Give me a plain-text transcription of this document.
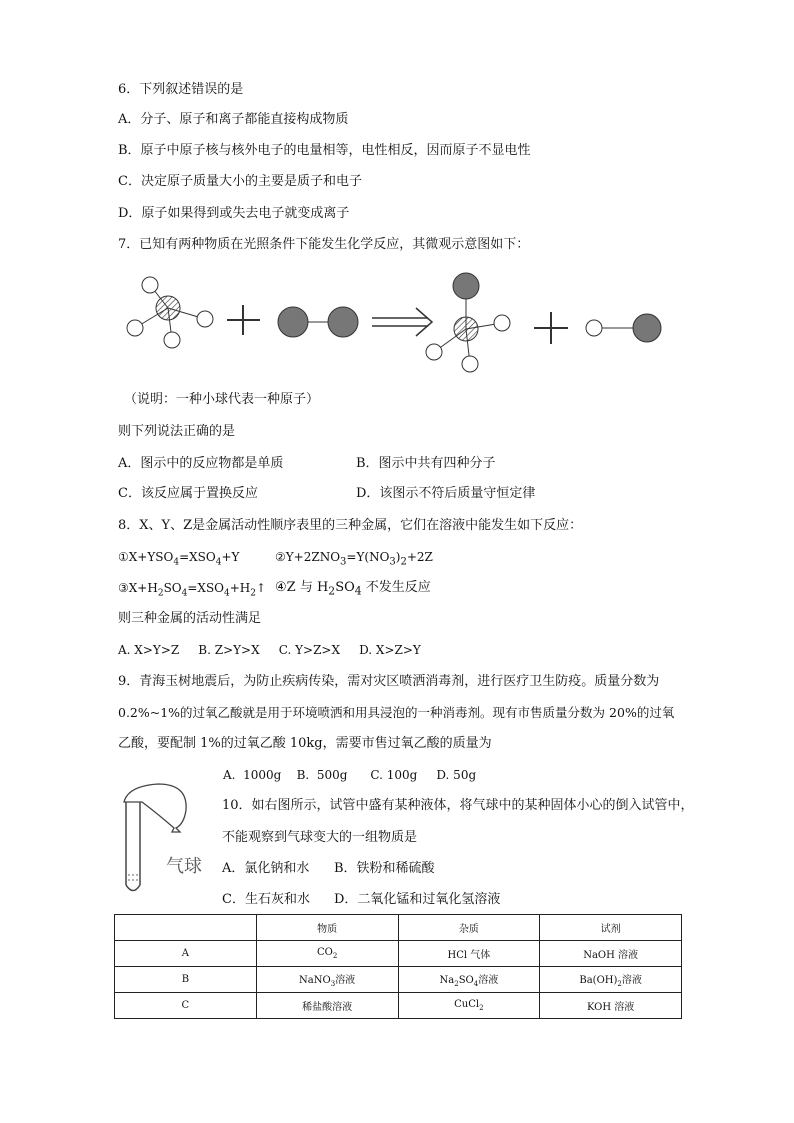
6．下列叙述错误的是
A．分子、原子和离子都能直接构成物质
B．原子中原子核与核外电子的电量相等，电性相反，因而原子不显电性
C．决定原子质量大小的主要是质子和电子
D．原子如果得到或失去电子就变成离子
7．已知有两种物质在光照条件下能发生化学反应，其微观示意图如下：
（说明：一种小球代表一种原子）
则下列说法正确的是
A．图示中的反应物都是单质	B．图示中共有四种分子
C．该反应属于置换反应	D．该图示不符后质量守恒定律
8．X、Y、Z是金属活动性顺序表里的三种金属，它们在溶液中能发生如下反应：
$①X+YSO_4=XSO_4+Y$	$②Y+2ZNO_3=Y(NO_3)_2+2Z$
$③X+H_2SO_4=XSO_4+H_2↑$ ④Z 与 $H_2SO_4$ 不发生反应
则三种金属的活动性满足
A. X>Y>Z     B. Z>Y>X     C. Y>Z>X     D. X>Z>Y
9．青海玉树地震后，为防止疾病传染，需对灾区喷洒消毒剂，进行医疗卫生防疫。质量分数为
0.2%~1%的过氧乙酸就是用于环境喷洒和用具浸泡的一种消毒剂。现有市售质量分数为 20%的过氧
乙酸，要配制 1%的过氧乙酸 10kg，需要市售过氧乙酸的质量为
A.  1000g    B.  500g      C. 100g     D. 50g
气球
10．如右图所示，试管中盛有某种液体，将气球中的某种固体小心的倒入试管中，
不能观察到气球变大的一组物质是
A．氯化钠和水 B．铁粉和稀硫酸
C．生石灰和水 D．二氧化锰和过氧化氢溶液
	物质	杂质	试剂
A	$CO_2$	HCl 气体	NaOH 溶液
B	NaNO$_3$溶液	$Na_2SO_4$溶液	$Ba(OH)_2$溶液
C	稀盐酸溶液	CuCl$_2$	KOH 溶液
